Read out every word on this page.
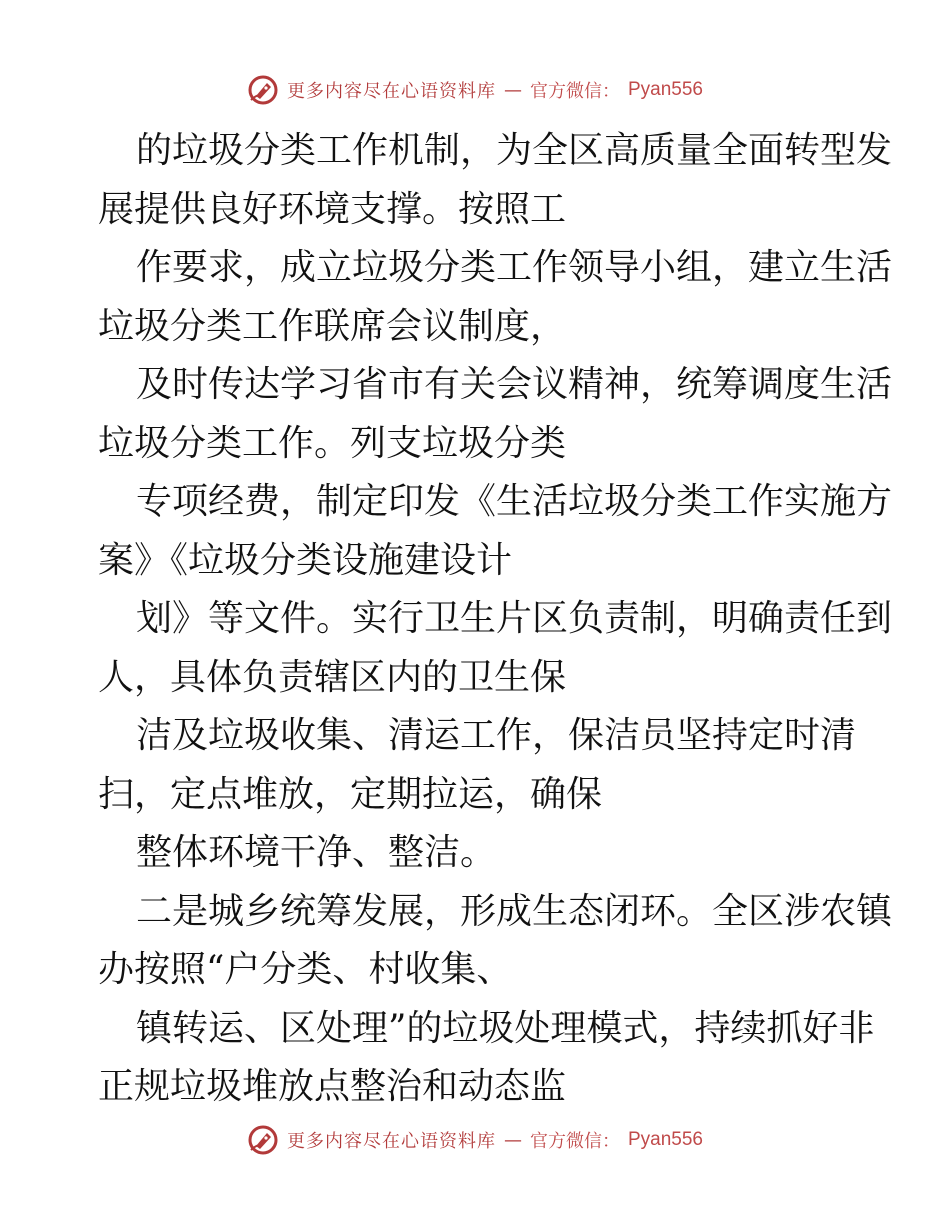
更多内容尽在心语资料库 — 官方微信： Pyan556
的垃圾分类工作机制，为全区高质量全面转型发
展提供良好环境支撑。按照工
作要求，成立垃圾分类工作领导小组，建立生活
垃圾分类工作联席会议制度，
及时传达学习省市有关会议精神，统筹调度生活
垃圾分类工作。列支垃圾分类
专项经费，制定印发《生活垃圾分类工作实施方
案》《垃圾分类设施建设计
划》等文件。实行卫生片区负责制，明确责任到
人，具体负责辖区内的卫生保
洁及垃圾收集、清运工作，保洁员坚持定时清
扫，定点堆放，定期拉运，确保
整体环境干净、整洁。
二是城乡统筹发展，形成生态闭环。全区涉农镇
办按照“户分类、村收集、
镇转运、区处理”的垃圾处理模式，持续抓好非
正规垃圾堆放点整治和动态监
更多内容尽在心语资料库 — 官方微信： Pyan556
